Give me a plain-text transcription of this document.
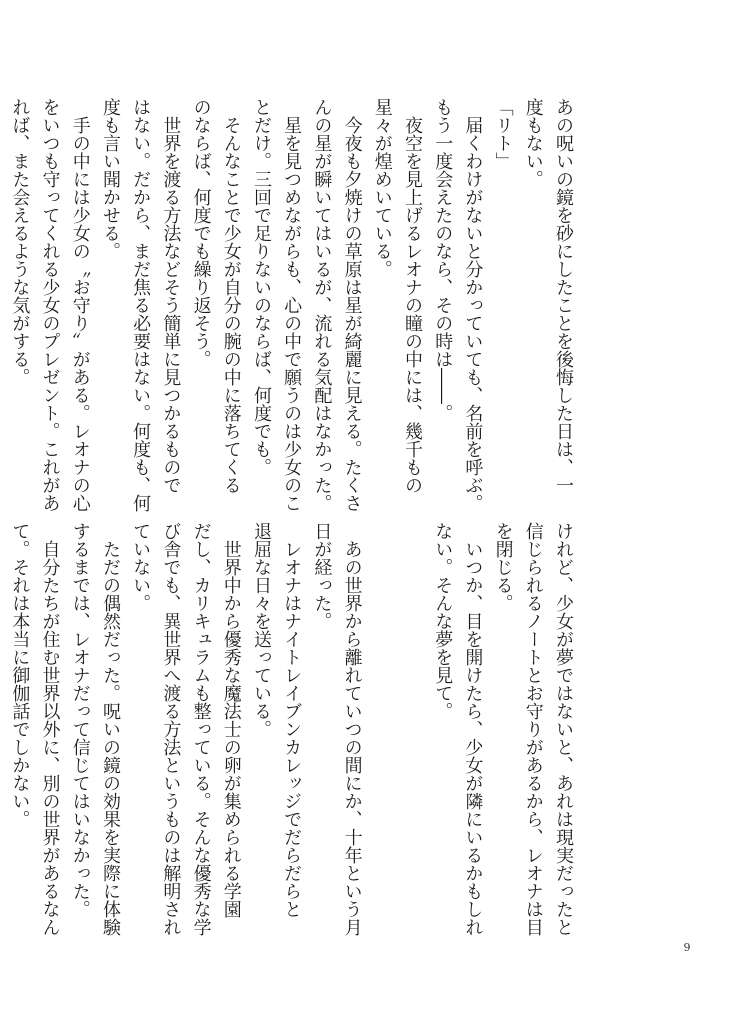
あの呪いの鏡を砂にしたことを後悔した日は、一

度もない。

「リト」

　届くわけがないと分かっていても、名前を呼ぶ。

もう一度会えたのなら、その時は――。

　夜空を見上げるレオナの瞳の中には、幾千もの

星々が煌めいている。

　今夜も夕焼けの草原は星が綺麗に見える。たくさ

んの星が瞬いてはいるが、流れる気配はなかった。

　星を見つめながらも、心の中で願うのは少女のこ

とだけ。三回で足りないのならば、何度でも。

　そんなことで少女が自分の腕の中に落ちてくる

のならば、何度でも繰り返そう。

　世界を渡る方法などそう簡単に見つかるもので

はない。だから、まだ焦る必要はない。何度も、何

度も言い聞かせる。

　手の中には少女の〝お守り〟がある。レオナの心

をいつも守ってくれる少女のプレゼント。これがあ

れば、また会えるような気がする。

けれど、少女が夢ではないと、あれは現実だったと

信じられるノートとお守りがあるから、レオナは目

を閉じる。

　いつか、目を開けたら、少女が隣にいるかもしれ

ない。そんな夢を見て。

　あの世界から離れていつの間にか、十年という月

日が経った。

　レオナはナイトレイブンカレッジでだらだらと

退屈な日々を送っている。

　世界中から優秀な魔法士の卵が集められる学園

だし、カリキュラムも整っている。そんな優秀な学

び舎でも、異世界へ渡る方法というものは解明され

ていない。

　ただの偶然だった。呪いの鏡の効果を実際に体験

するまでは、レオナだって信じてはいなかった。

　自分たちが住む世界以外に、別の世界があるなん

て。それは本当に御伽話でしかない。

9
